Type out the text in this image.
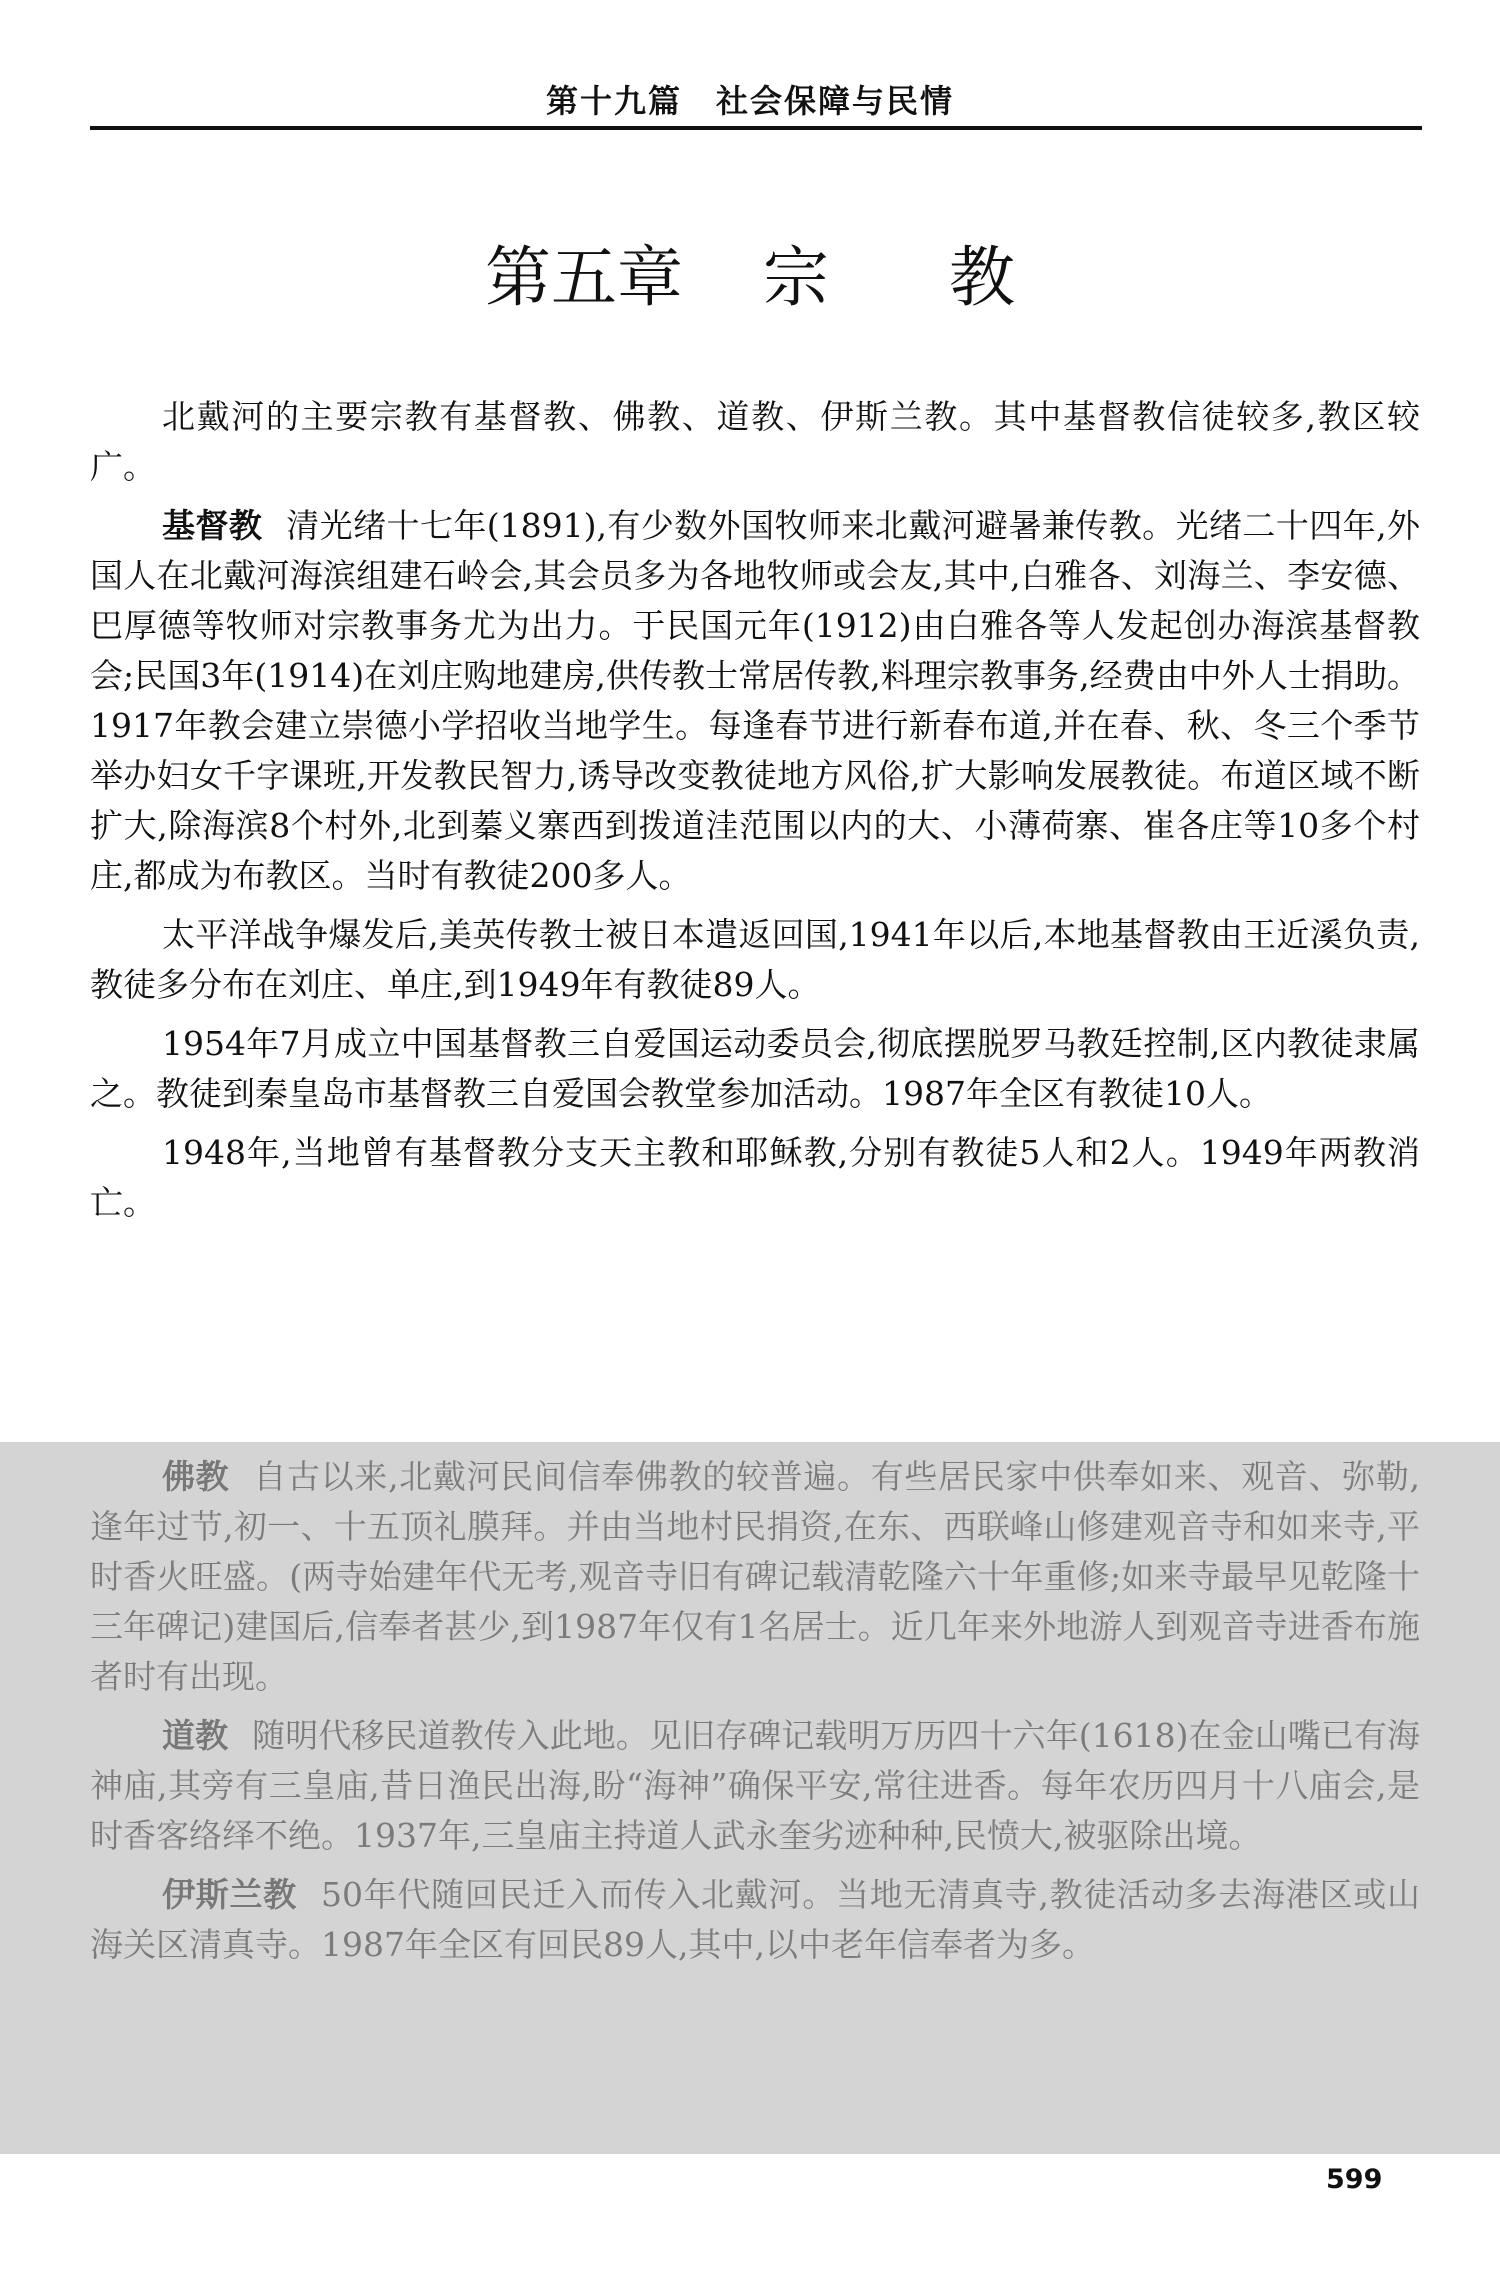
第十九篇 社会保障与民情
第五章 宗 教

北戴河的主要宗教有基督教、佛教、道教、伊斯兰教。其中基督教信徒较多,教区较广。

基督教 清光绪十七年(1891),有少数外国牧师来北戴河避暑兼传教。光绪二十四年,外国人在北戴河海滨组建石岭会,其会员多为各地牧师或会友,其中,白雅各、刘海兰、李安德、巴厚德等牧师对宗教事务尤为出力。于民国元年(1912)由白雅各等人发起创办海滨基督教会;民国3年(1914)在刘庄购地建房,供传教士常居传教,料理宗教事务,经费由中外人士捐助。1917年教会建立崇德小学招收当地学生。每逢春节进行新春布道,并在春、秋、冬三个季节举办妇女千字课班,开发教民智力,诱导改变教徒地方风俗,扩大影响发展教徒。布道区域不断扩大,除海滨8个村外,北到蓁义寨西到拨道洼范围以内的大、小薄荷寨、崔各庄等10多个村庄,都成为布教区。当时有教徒200多人。

太平洋战争爆发后,美英传教士被日本遣返回国,1941年以后,本地基督教由王近溪负责,教徒多分布在刘庄、单庄,到1949年有教徒89人。

1954年7月成立中国基督教三自爱国运动委员会,彻底摆脱罗马教廷控制,区内教徒隶属之。教徒到秦皇岛市基督教三自爱国会教堂参加活动。1987年全区有教徒10人。

1948年,当地曾有基督教分支天主教和耶稣教,分别有教徒5人和2人。1949年两教消亡。

佛教 自古以来,北戴河民间信奉佛教的较普遍。有些居民家中供奉如来、观音、弥勒,逢年过节,初一、十五顶礼膜拜。并由当地村民捐资,在东、西联峰山修建观音寺和如来寺,平时香火旺盛。(两寺始建年代无考,观音寺旧有碑记载清乾隆六十年重修;如来寺最早见乾隆十三年碑记)建国后,信奉者甚少,到1987年仅有1名居士。近几年来外地游人到观音寺进香布施者时有出现。

道教 随明代移民道教传入此地。见旧存碑记载明万历四十六年(1618)在金山嘴已有海神庙,其旁有三皇庙,昔日渔民出海,盼“海神”确保平安,常往进香。每年农历四月十八庙会,是时香客络绎不绝。1937年,三皇庙主持道人武永奎劣迹种种,民愤大,被驱除出境。

伊斯兰教 50年代随回民迁入而传入北戴河。当地无清真寺,教徒活动多去海港区或山海关区清真寺。1987年全区有回民89人,其中,以中老年信奉者为多。

599
